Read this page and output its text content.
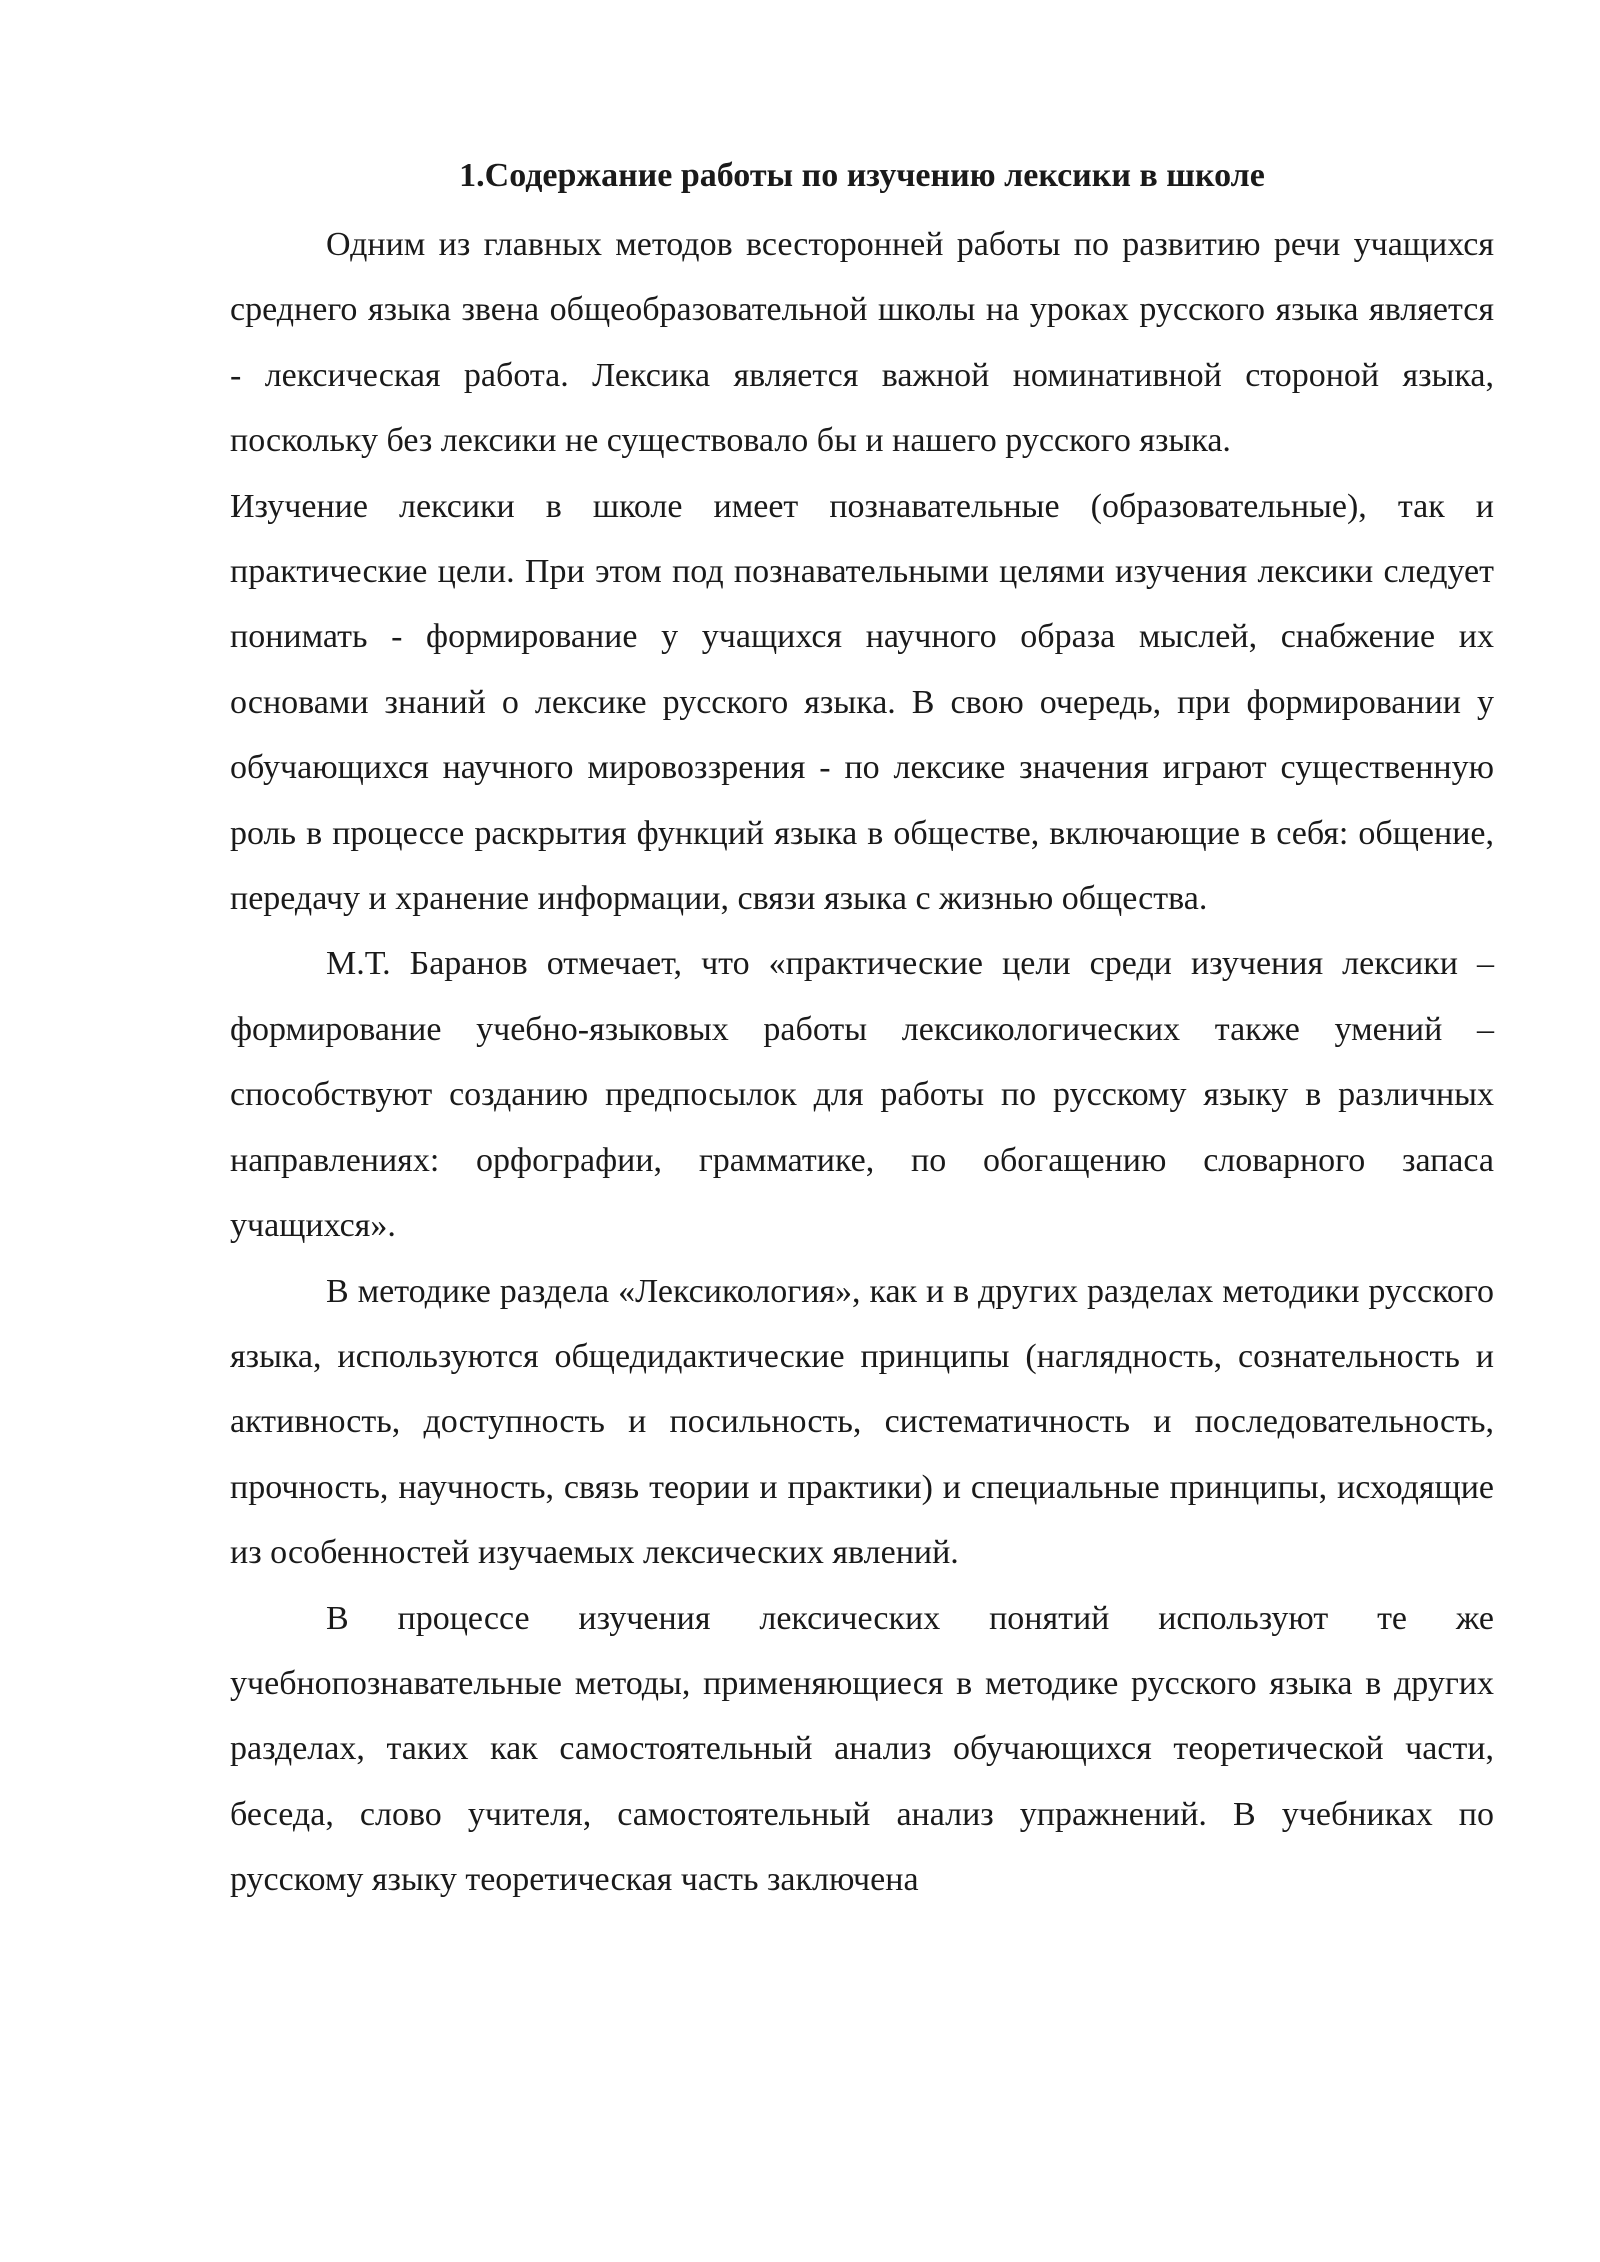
1.Содержание работы по изучению лексики в школе

Одним из главных методов всесторонней работы по развитию речи учащихся среднего языка звена общеобразовательной школы на уроках русского языка является - лексическая работа. Лексика является важной номинативной стороной языка, поскольку без лексики не существовало бы и нашего русского языка.

Изучение лексики в школе имеет познавательные (образовательные), так и практические цели. При этом под познавательными целями изучения лексики следует понимать - формирование у учащихся научного образа мыслей, снабжение их основами знаний о лексике русского языка. В свою очередь, при формировании у обучающихся научного мировоззрения - по лексике значения играют существенную роль в процессе раскрытия функций языка в обществе, включающие в себя: общение, передачу и хранение информации, связи языка с жизнью общества.

М.Т. Баранов отмечает, что «практические цели среди изучения лексики – формирование учебно-языковых работы лексикологических также умений – способствуют созданию предпосылок для работы по русскому языку в различных направлениях: орфографии, грамматике, по обогащению словарного запаса учащихся».

В методике раздела «Лексикология», как и в других разделах методики русского языка, используются общедидактические принципы (наглядность, сознательность и активность, доступность и посильность, систематичность и последовательность, прочность, научность, связь теории и практики) и специальные принципы, исходящие из особенностей изучаемых лексических явлений.

В процессе изучения лексических понятий используют те же учебнопознавательные методы, применяющиеся в методике русского языка в других разделах, таких как самостоятельный анализ обучающихся теоретической части, беседа, слово учителя, самостоятельный анализ упражнений. В учебниках по русскому языку теоретическая часть заключена
